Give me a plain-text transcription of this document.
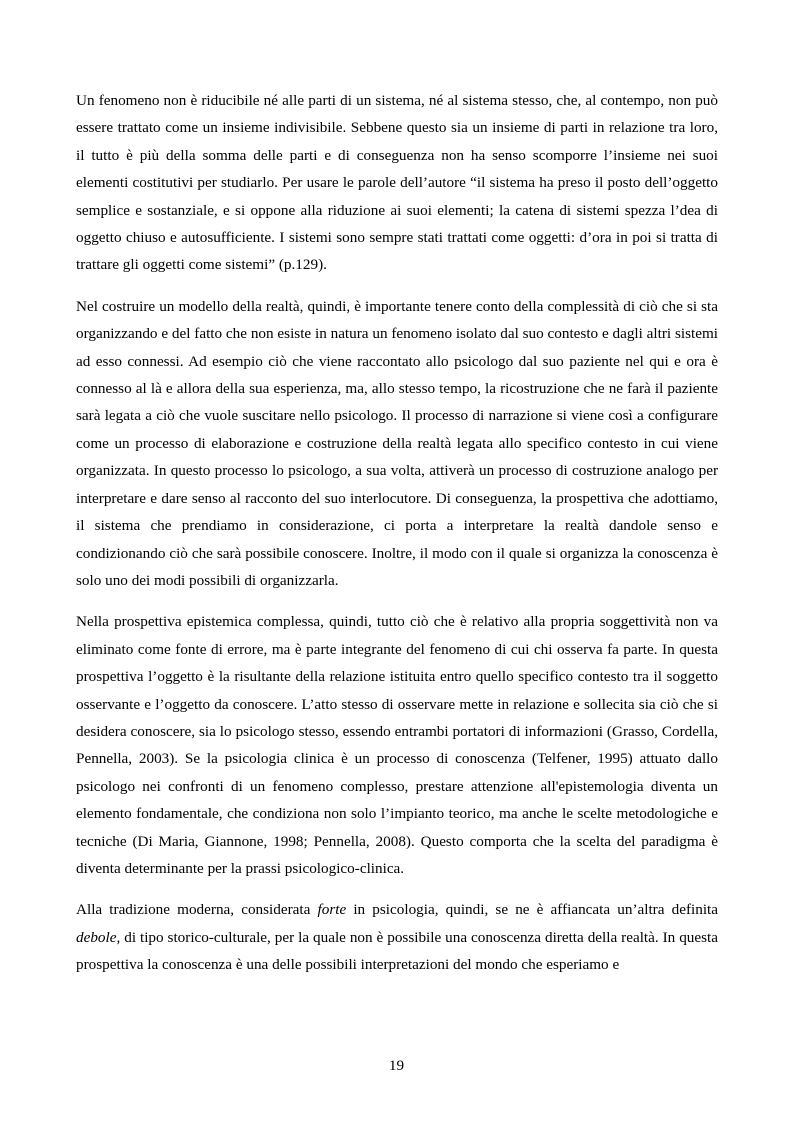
Un fenomeno non è riducibile né alle parti di un sistema, né al sistema stesso, che, al contempo, non può essere trattato come un insieme indivisibile. Sebbene questo sia un insieme di parti in relazione tra loro, il tutto è più della somma delle parti e di conseguenza non ha senso scomporre l’insieme nei suoi elementi costitutivi per studiarlo. Per usare le parole dell’autore “il sistema ha preso il posto dell’oggetto semplice e sostanziale, e si oppone alla riduzione ai suoi elementi; la catena di sistemi spezza l’dea di oggetto chiuso e autosufficiente. I sistemi sono sempre stati trattati come oggetti: d’ora in poi si tratta di trattare gli oggetti come sistemi” (p.129).

Nel costruire un modello della realtà, quindi, è importante tenere conto della complessità di ciò che si sta organizzando e del fatto che non esiste in natura un fenomeno isolato dal suo contesto e dagli altri sistemi ad esso connessi. Ad esempio ciò che viene raccontato allo psicologo dal suo paziente nel qui e ora è connesso al là e allora della sua esperienza, ma, allo stesso tempo, la ricostruzione che ne farà il paziente sarà legata a ciò che vuole suscitare nello psicologo. Il processo di narrazione si viene così a configurare come un processo di elaborazione e costruzione della realtà legata allo specifico contesto in cui viene organizzata. In questo processo lo psicologo, a sua volta, attiverà un processo di costruzione analogo per interpretare e dare senso al racconto del suo interlocutore. Di conseguenza, la prospettiva che adottiamo, il sistema che prendiamo in considerazione, ci porta a interpretare la realtà dandole senso e condizionando ciò che sarà possibile conoscere. Inoltre, il modo con il quale si organizza la conoscenza è solo uno dei modi possibili di organizzarla.

Nella prospettiva epistemica complessa, quindi, tutto ciò che è relativo alla propria soggettività non va eliminato come fonte di errore, ma è parte integrante del fenomeno di cui chi osserva fa parte. In questa prospettiva l’oggetto è la risultante della relazione istituita entro quello specifico contesto tra il soggetto osservante e l’oggetto da conoscere. L’atto stesso di osservare mette in relazione e sollecita sia ciò che si desidera conoscere, sia lo psicologo stesso, essendo entrambi portatori di informazioni (Grasso, Cordella, Pennella, 2003). Se la psicologia clinica è un processo di conoscenza (Telfener, 1995) attuato dallo psicologo nei confronti di un fenomeno complesso, prestare attenzione all'epistemologia diventa un elemento fondamentale, che condiziona non solo l’impianto teorico, ma anche le scelte metodologiche e tecniche (Di Maria, Giannone, 1998; Pennella, 2008). Questo comporta che la scelta del paradigma è diventa determinante per la prassi psicologico-clinica.

Alla tradizione moderna, considerata forte in psicologia, quindi, se ne è affiancata un’altra definita debole, di tipo storico-culturale, per la quale non è possibile una conoscenza diretta della realtà. In questa prospettiva la conoscenza è una delle possibili interpretazioni del mondo che esperiamo e

19
